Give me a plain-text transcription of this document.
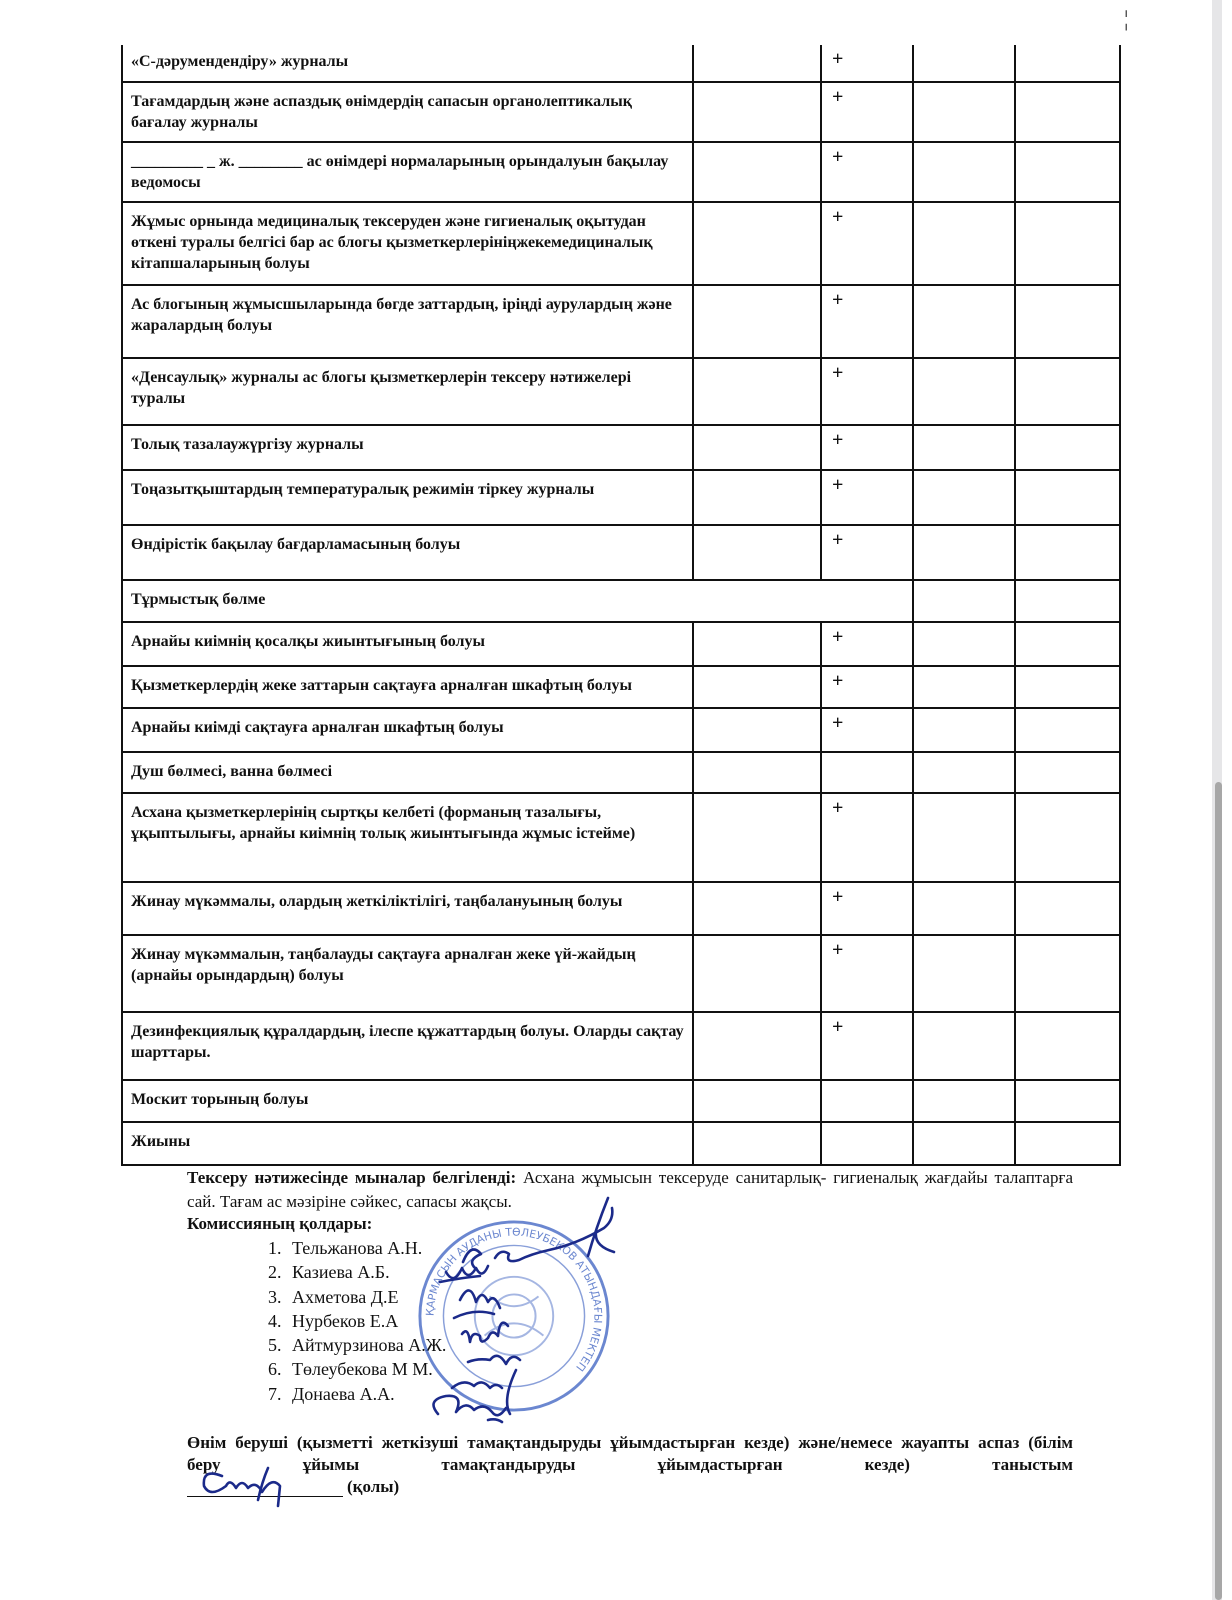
¦
«С-дəрумендендіру» журналы		+		
Тағамдардың және аспаздық өнімдердің сапасын органолептикалық бағалау журналы		+		
_________ _ ж. ________ ас өнімдері нормаларының орындалуын бақылау ведомосы		+		
Жұмыс орнында медициналық тексеруден және гигиеналық оқытудан өткені туралы белгісі бар ас блогы қызметкерлерініңжекемедициналық кітапшаларының болуы		+		
Ас блогының жұмысшыларында бөгде заттардың, іріңді аурулардың және жаралардың болуы		+		
«Денсаулық» журналы ас блогы қызметкерлерін тексеру нәтижелері туралы		+		
Толық тазалаужүргізу журналы		+		
Тоңазытқыштардың температуралық режимін тіркеу журналы		+		
Өндірістік бақылау бағдарламасының болуы		+		
Тұрмыстық бөлме				
Арнайы киімнің қосалқы жиынтығының болуы		+		
Қызметкерлердің жеке заттарын сақтауға арналған шкафтың болуы		+		
Арнайы киімді сақтауға арналған шкафтың болуы		+		
Душ бөлмесі, ванна бөлмесі				
Асхана қызметкерлерінің сыртқы келбеті (форманың тазалығы, ұқыптылығы, арнайы киімнің толық жиынтығында жұмыс істейме)		+		
Жинау мүкəммалы, олардың жеткіліктілігі, таңбалануының болуы		+		
Жинау мүкəммалын, таңбалауды сақтауға арналған жеке үй-жайдың (арнайы орындардың) болуы		+		
Дезинфекциялық құралдардың, ілеспе құжаттардың болуы. Оларды сақтау шарттары.		+		
Москит торының болуы				
Жиыны				
Тексеру нәтижесінде мыналар белгіленді: Асхана жұмысын тексеруде санитарлық- гигиеналық жағдайы талаптарға сай. Тағам ас мəзіріне сəйкес, сапасы жақсы.
Комиссияның қолдары:
1. Тельжанова А.Н.
2. Казиева А.Б.
3. Ахметова Д.Е
4. Нурбеков Е.А
5. Айтмурзинова А.Ж.
6. Төлеубекова М М.
7. Донаева А.А.
Өнім беруші (қызметті жеткізуші тамақтандыруды ұйымдастырған кезде) және/немесе жауапты аспаз (білім беру ұйымы тамақтандыруды ұйымдастырған кезде) таныстым
(қолы)
ҚАРМАСЫН АУДАНЫ ТӨЛЕУБЕКОВ АТЫНДАҒЫ МЕКТЕП
